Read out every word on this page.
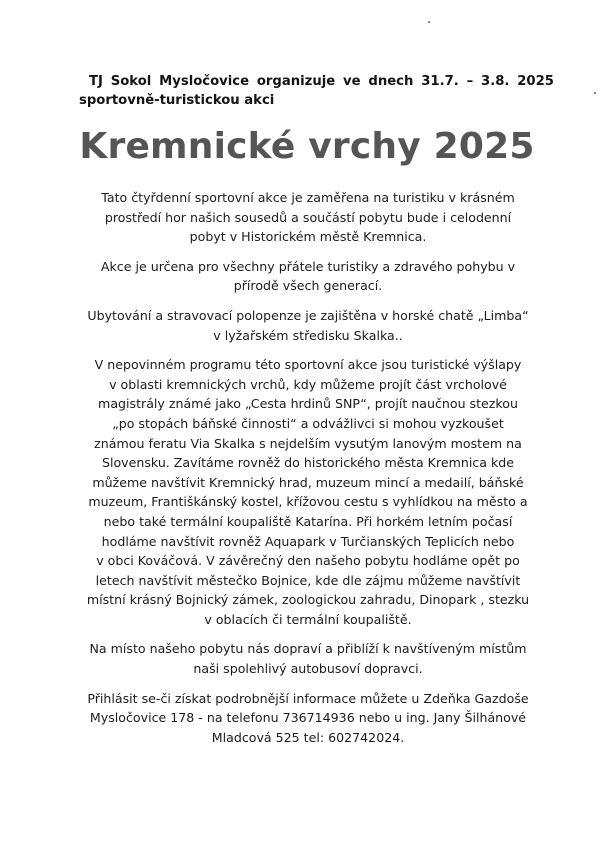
TJ Sokol Mysločovice organizuje ve dnech 31.7. – 3.8. 2025
sportovně-turistickou akci
Kremnické vrchy 2025

Tato čtyřdenní sportovní akce je zaměřena na turistiku v krásném
prostředí hor našich sousedů a součástí pobytu bude i celodenní
pobyt v Historickém městě Kremnica.

Akce je určena pro všechny přátele turistiky a zdravého pohybu v
přírodě všech generací.

Ubytování a stravovací polopenze je zajištěna v horské chatě „Limba“
v lyžařském středisku Skalka..

V nepovinném programu této sportovní akce jsou turistické výšlapy
v oblasti kremnických vrchů, kdy můžeme projít část vrcholové
magistrály známé jako „Cesta hrdinů SNP“, projít naučnou stezkou
„po stopách báňské činnosti“ a odvážlivci si mohou vyzkoušet
známou feratu Via Skalka s nejdelším vysutým lanovým mostem na
Slovensku. Zavítáme rovněž do historického města Kremnica kde
můžeme navštívit Kremnický hrad, muzeum mincí a medailí, báňské
muzeum, Františkánský kostel, křížovou cestu s vyhlídkou na město a
nebo také termální koupaliště Katarína. Při horkém letním počasí
hodláme navštívit rovněž Aquapark v Turčianských Teplicích nebo
v obci Kováčová. V závěrečný den našeho pobytu hodláme opět po
letech navštívit městečko Bojnice, kde dle zájmu můžeme navštívit
místní krásný Bojnický zámek, zoologickou zahradu, Dinopark , stezku
v oblacích či termální koupaliště.

Na místo našeho pobytu nás dopraví a přiblíží k navštíveným místům
naši spolehlivý autobusoví dopravci.

Přihlásit se-či získat podrobnější informace můžete u Zdeňka Gazdoše
Mysločovice 178 - na telefonu 736714936 nebo u ing. Jany Šilhánové
Mladcová 525 tel: 602742024.
